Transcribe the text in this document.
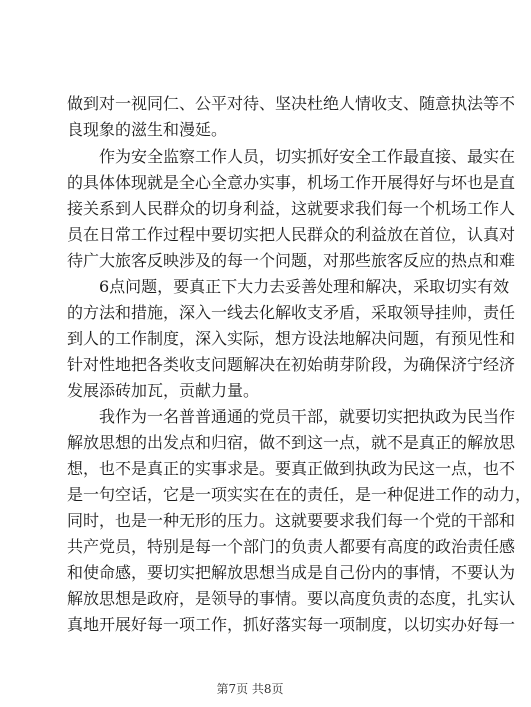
做到对一视同仁、公平对待、坚决杜绝人情收支、随意执法等不
良现象的滋生和漫延。
作为安全监察工作人员，切实抓好安全工作最直接、最实在
的具体体现就是全心全意办实事，机场工作开展得好与坏也是直
接关系到人民群众的切身利益，这就要求我们每一个机场工作人
员在日常工作过程中要切实把人民群众的利益放在首位，认真对
待广大旅客反映涉及的每一个问题，对那些旅客反应的热点和难
6点问题，要真正下大力去妥善处理和解决，采取切实有效
的方法和措施，深入一线去化解收支矛盾，采取领导挂帅，责任
到人的工作制度，深入实际，想方设法地解决问题，有预见性和
针对性地把各类收支问题解决在初始萌芽阶段，为确保济宁经济
发展添砖加瓦，贡献力量。
我作为一名普普通通的党员干部，就要切实把执政为民当作
解放思想的出发点和归宿，做不到这一点，就不是真正的解放思
想，也不是真正的实事求是。要真正做到执政为民这一点，也不
是一句空话，它是一项实实在在的责任，是一种促进工作的动力，
同时，也是一种无形的压力。这就要要求我们每一个党的干部和
共产党员，特别是每一个部门的负责人都要有高度的政治责任感
和使命感，要切实把解放思想当成是自己份内的事情，不要认为
解放思想是政府，是领导的事情。要以高度负责的态度，扎实认
真地开展好每一项工作，抓好落实每一项制度，以切实办好每一
第7页 共8页
